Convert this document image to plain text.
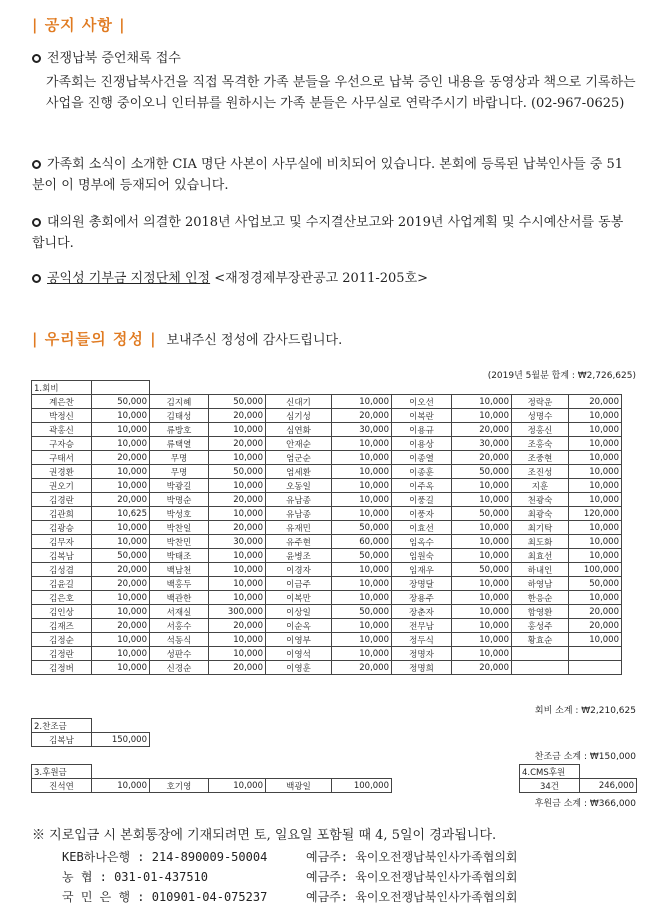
| 공지 사항 |
전쟁납북 증언채록 접수
가족회는 진쟁납북사건을 직접 목격한 가족 분들을 우선으로 납북 증인 내용을 동영상과 책으로 기록하는 사업을 진행 중이오니 인터뷰를 원하시는 가족 분들은 사무실로 연락주시기 바랍니다. (02-967-0625)
가족회 소식이 소개한 CIA 명단 사본이 사무실에 비치되어 있습니다. 본회에 등록된 납북인사들 중 51분이 이 명부에 등재되어 있습니다.
대의원 총회에서 의결한 2018년 사업보고 및 수지결산보고와 2019년 사업계획 및 수시예산서를 동봉합니다.
공익성 기부금 지정단체 인정 <재정경제부장관공고 2011-205호>
| 우리들의 정성 | 보내주신 정성에 감사드립니다.
(2019년 5월분 합계 : ₩2,726,625)
1.회비									
계은찬	50,000	김지혜	50,000	신대기	10,000	이오선	10,000	정락운	20,000
박정신	10,000	김태성	20,000	심기성	20,000	이복란	10,000	성명수	10,000
곽홍신	10,000	류방호	10,000	심연화	30,000	이용규	20,000	정홍신	10,000
구자승	10,000	류택열	20,000	안재순	10,000	이용상	30,000	조홍숙	10,000
구태서	20,000	무명	10,000	엄군순	10,000	이종열	20,000	조중현	10,000
권경환	10,000	무명	50,000	엄세환	10,000	이종훈	50,000	조진성	10,000
권오기	10,000	박광길	10,000	오동일	10,000	이주옥	10,000	지훈	10,000
김경란	20,000	박명순	20,000	유남종	10,000	이풍길	10,000	천광숙	10,000
김관희	10,625	박성호	10,000	유남종	10,000	이풍자	50,000	최광숙	120,000
김광승	10,000	박찬일	20,000	유재민	50,000	이효선	10,000	최기탁	10,000
김무자	10,000	박찬민	30,000	유주현	60,000	임옥수	10,000	최도화	10,000
김복남	50,000	박태조	10,000	윤병조	50,000	임원숙	10,000	최효선	10,000
김성겸	20,000	백남천	10,000	이경자	10,000	임재우	50,000	하내인	100,000
김윤길	20,000	백홍두	10,000	이금주	10,000	장명달	10,000	하영남	50,000
김은호	10,000	백관한	10,000	이복만	10,000	장용주	10,000	한응순	10,000
김인상	10,000	서재실	300,000	이상일	50,000	장춘자	10,000	함영환	20,000
김재즈	20,000	서홍수	20,000	이순옥	10,000	전무남	10,000	홍성주	20,000
김정순	10,000	석동식	10,000	이영부	10,000	정두식	10,000	황효순	10,000
김정란	10,000	성판수	10,000	이영석	10,000	정명자	10,000		
김정버	10,000	신경순	20,000	이영훈	20,000	정명희	20,000		
회비 소계 : ₩2,210,625
2.찬조금	
김복남	150,000
찬조금 소계 : ₩150,000
3.후원금					
진석연	10,000	호기영	10,000	백광일	100,000
4.CMS후원	
34건	246,000
후원금 소계 : ₩366,000
※ 지로입금 시 본회통장에 기재되려면 토, 일요일 포함될 때 4, 5일이 경과됩니다.
KEB하나은행 : 214-890009-50004	예금주: 육이오전쟁납북인사가족협의회
농 협 : 031-01-437510	예금주: 육이오전쟁납북인사가족협의회
국 민 은 행 : 010901-04-075237	예금주: 육이오전쟁납북인사가족협의회
